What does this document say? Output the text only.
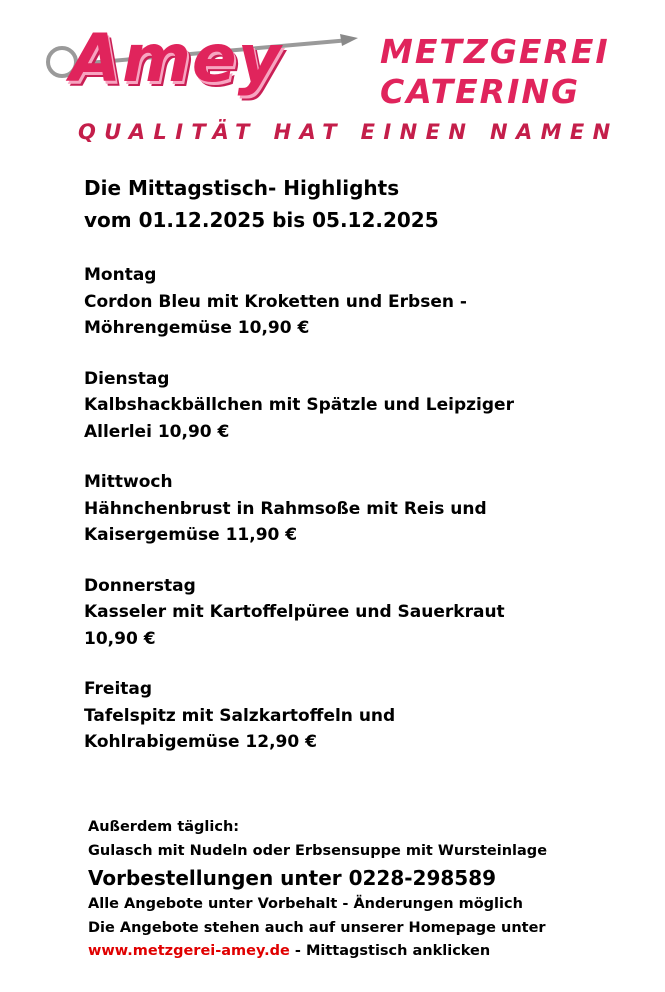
Amey	METZGEREI
CATERING
QUALITÄT HAT EINEN NAMEN

Die Mittagstisch- Highlights

vom 01.12.2025 bis 05.12.2025

Montag

Cordon Bleu mit Kroketten und Erbsen -

Möhrengemüse 10,90 €

Dienstag

Kalbshackbällchen mit Spätzle und Leipziger

Allerlei 10,90 €

Mittwoch

Hähnchenbrust in Rahmsoße mit Reis und

Kaisergemüse 11,90 €

Donnerstag

Kasseler mit Kartoffelpüree und Sauerkraut

10,90 €

Freitag

Tafelspitz mit Salzkartoffeln und

Kohlrabigemüse 12,90 €

Außerdem täglich:

Gulasch mit Nudeln oder Erbsensuppe mit Wursteinlage

Vorbestellungen unter 0228-298589

Alle Angebote unter Vorbehalt - Änderungen möglich

Die Angebote stehen auch auf unserer Homepage unter

www.metzgerei-amey.de - Mittagstisch anklicken
